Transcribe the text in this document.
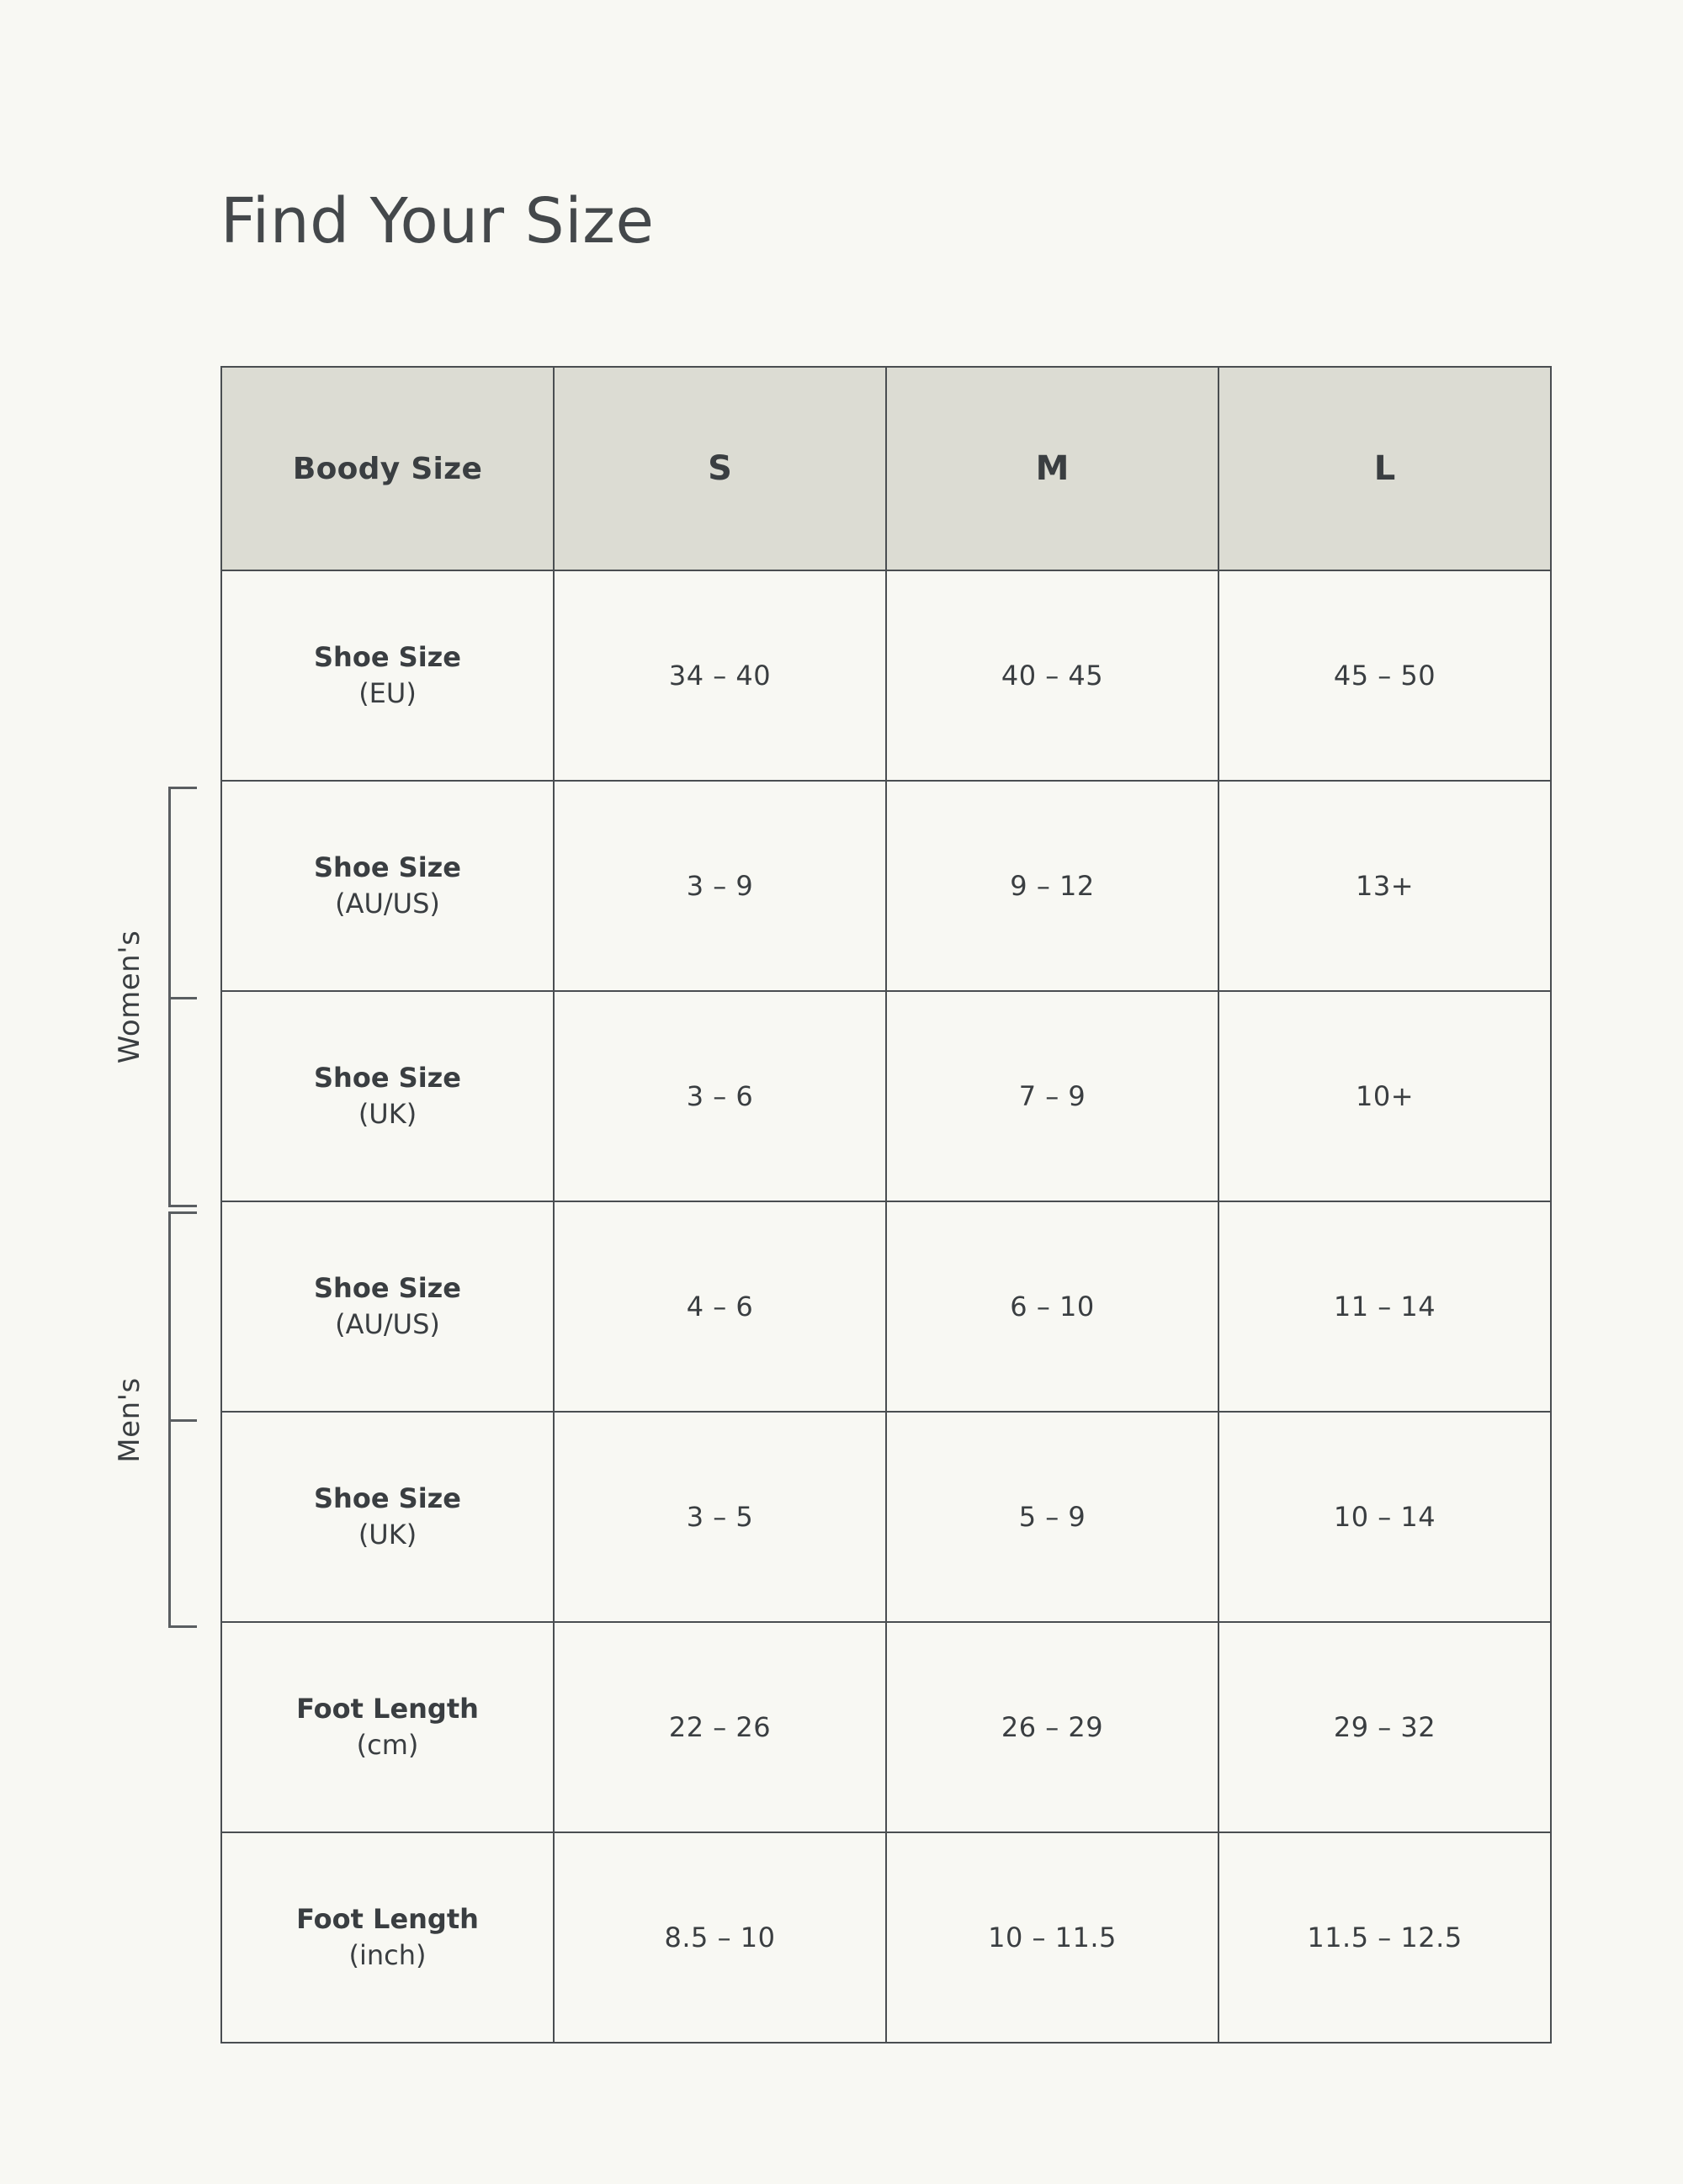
Find Your Size
Women's
Men's
Boody Size	S	M	L

Shoe Size
(EU)	34 – 40	40 – 45	45 – 50

Shoe Size
(AU/US)	3 – 9	9 – 12	13+

Shoe Size
(UK)	3 – 6	7 – 9	10+

Shoe Size
(AU/US)	4 – 6	6 – 10	11 – 14

Shoe Size
(UK)	3 – 5	5 – 9	10 – 14

Foot Length
(cm)	22 – 26	26 – 29	29 – 32

Foot Length
(inch)	8.5 – 10	10 – 11.5	11.5 – 12.5
